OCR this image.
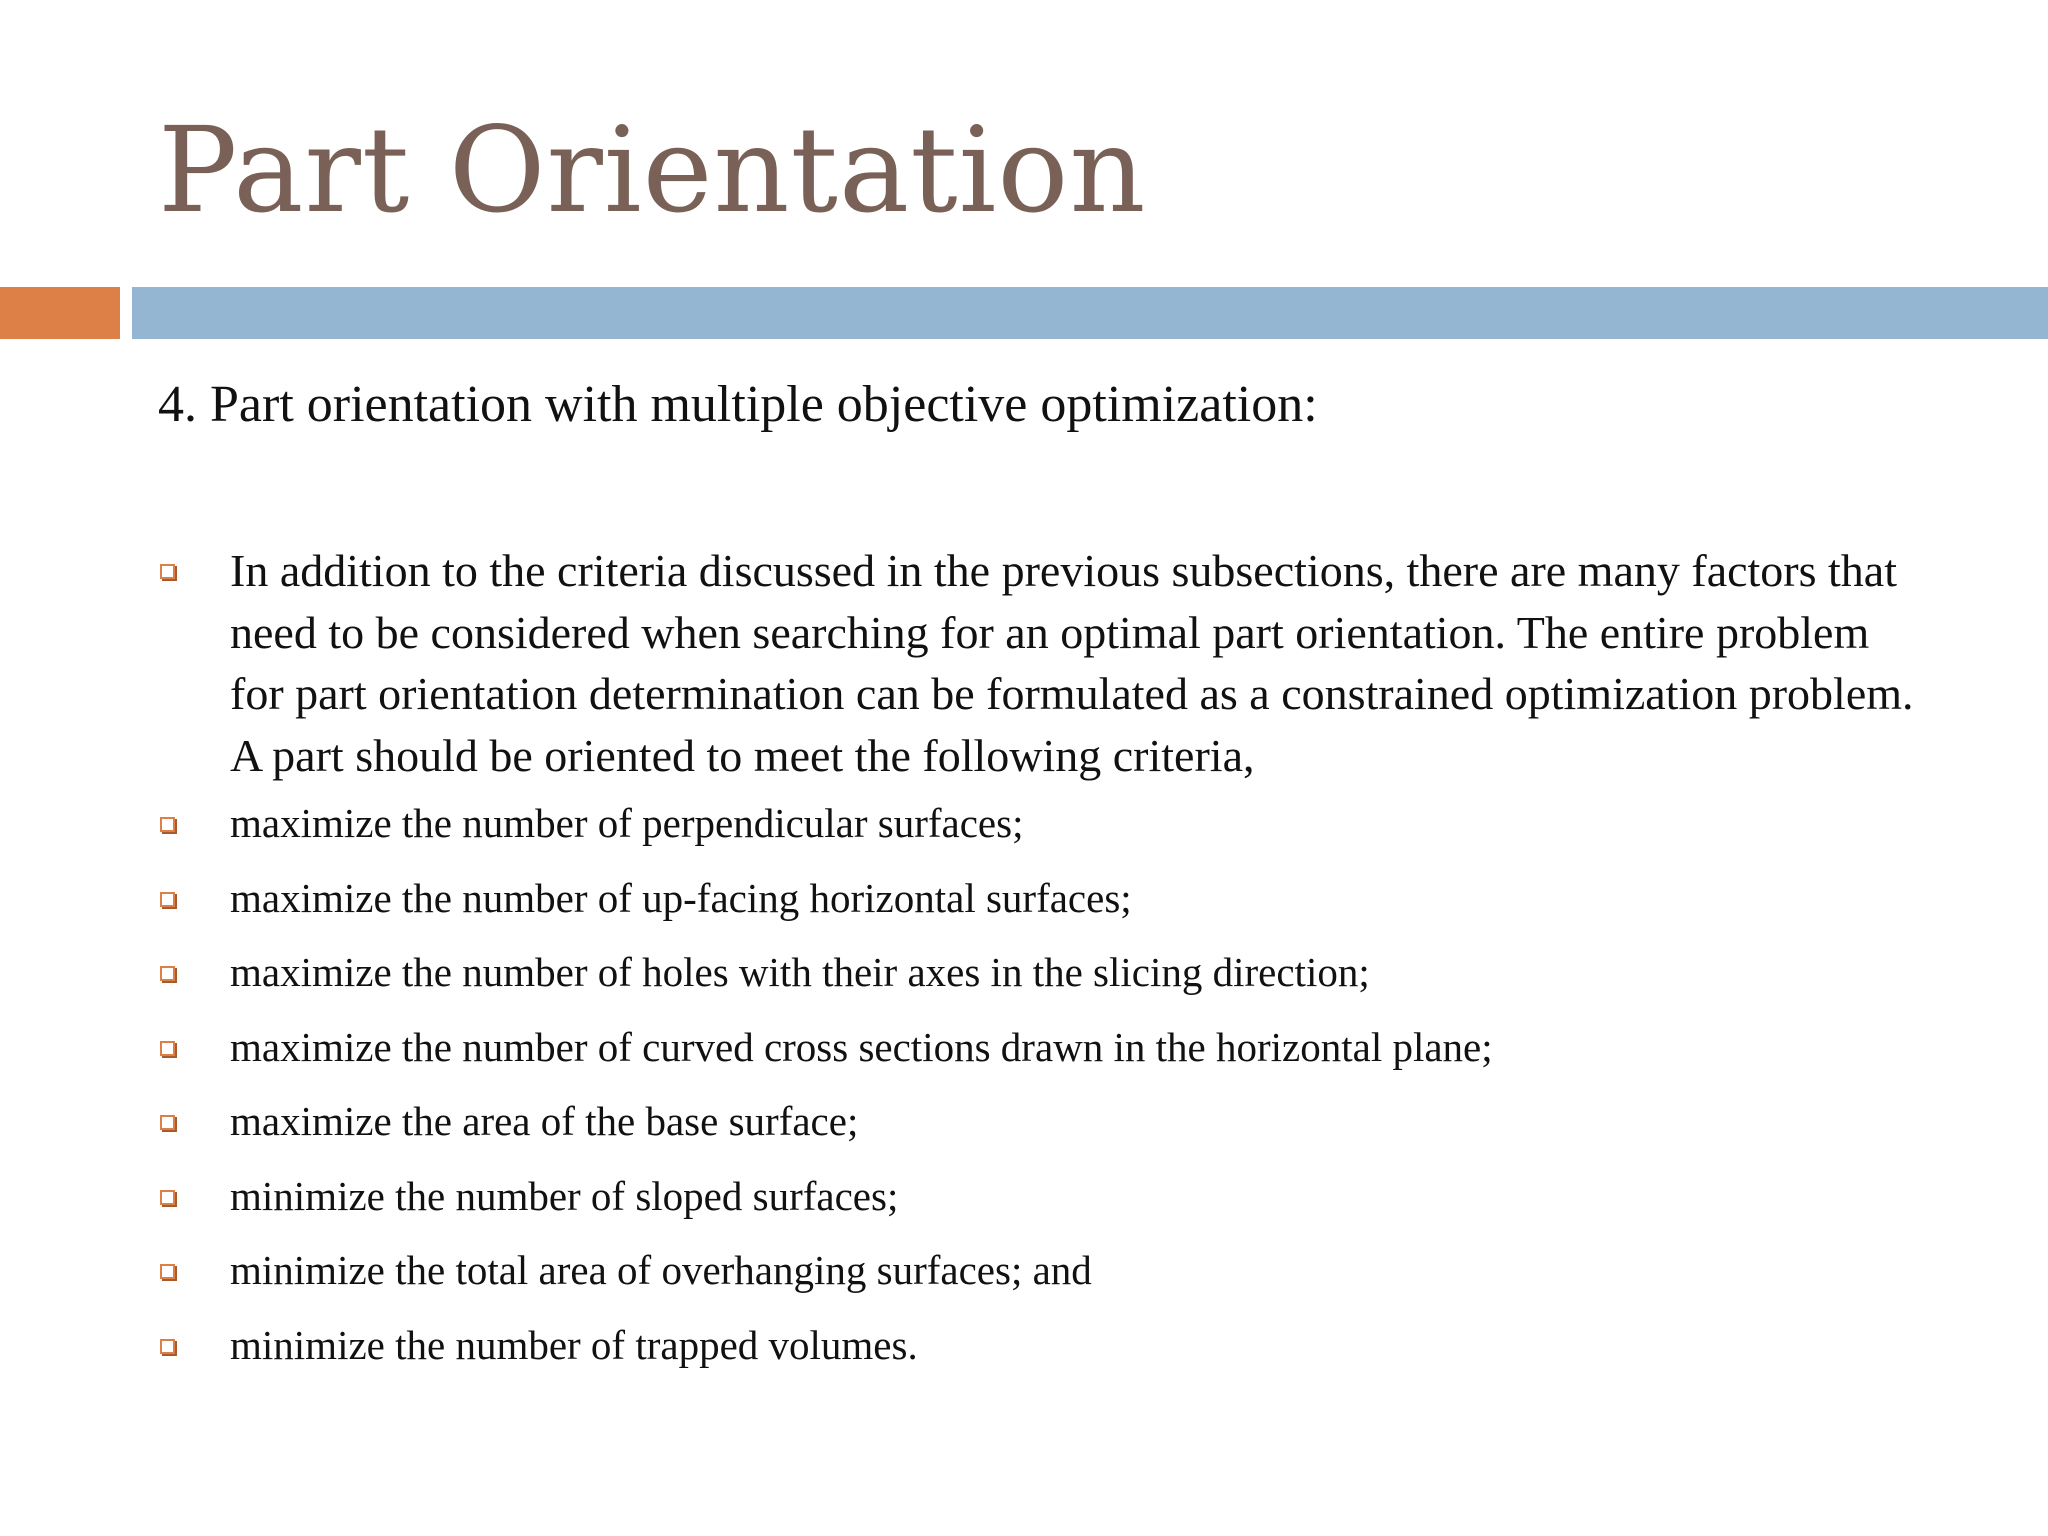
Part Orientation

4. Part orientation with multiple objective optimization:

In addition to the criteria discussed in the previous subsections, there are many factors that need to be considered when searching for an optimal part orientation. The entire problem for part orientation determination can be formulated as a constrained optimization problem. A part should be oriented to meet the following criteria,
maximize the number of perpendicular surfaces;
maximize the number of up-facing horizontal surfaces;
maximize the number of holes with their axes in the slicing direction;
maximize the number of curved cross sections drawn in the horizontal plane;
maximize the area of the base surface;
minimize the number of sloped surfaces;
minimize the total area of overhanging surfaces; and
minimize the number of trapped volumes.
